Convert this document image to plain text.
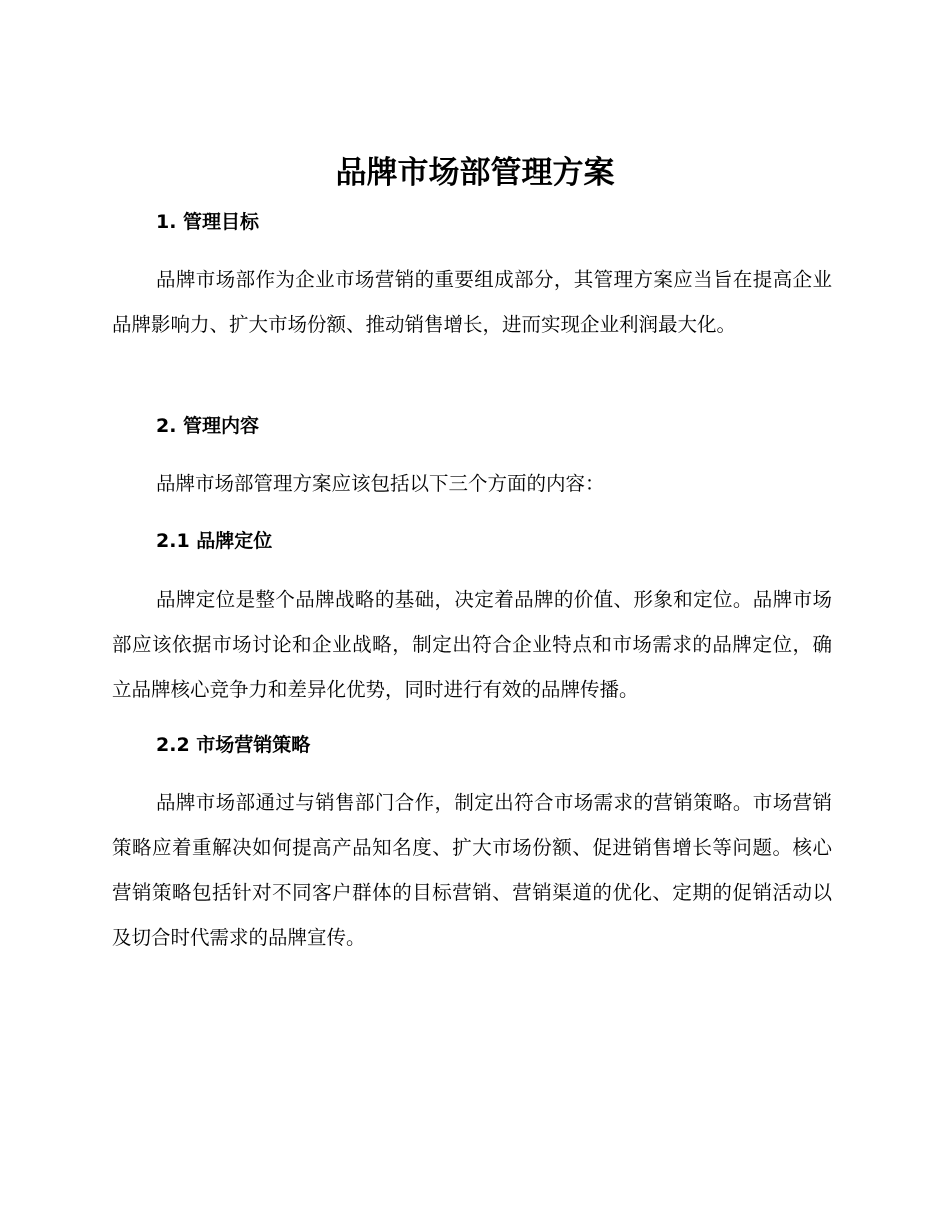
品牌市场部管理方案
1. 管理目标

品牌市场部作为企业市场营销的重要组成部分，其管理方案应当旨在提高企业品牌影响力、扩大市场份额、推动销售增长，进而实现企业利润最大化。

2. 管理内容

品牌市场部管理方案应该包括以下三个方面的内容：

2.1 品牌定位

品牌定位是整个品牌战略的基础，决定着品牌的价值、形象和定位。品牌市场部应该依据市场讨论和企业战略，制定出符合企业特点和市场需求的品牌定位，确立品牌核心竞争力和差异化优势，同时进行有效的品牌传播。

2.2 市场营销策略

品牌市场部通过与销售部门合作，制定出符合市场需求的营销策略。市场营销策略应着重解决如何提高产品知名度、扩大市场份额、促进销售增长等问题。核心营销策略包括针对不同客户群体的目标营销、营销渠道的优化、定期的促销活动以及切合时代需求的品牌宣传。
